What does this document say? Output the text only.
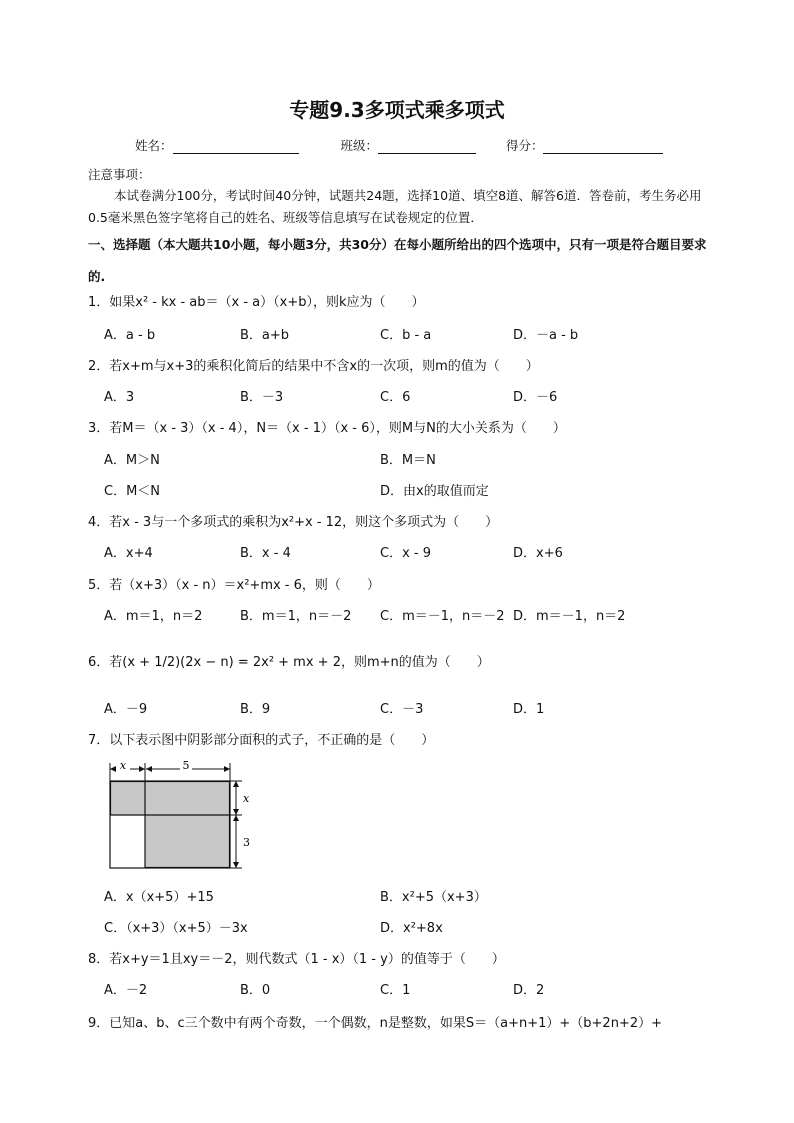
专题9.3多项式乘多项式
姓名：	班级：	得分：
注意事项：
本试卷满分100分，考试时间40分钟，试题共24题，选择10道、填空8道、解答6道．答卷前，考生务必用0.5毫米黑色签字笔将自己的姓名、班级等信息填写在试卷规定的位置．
一、选择题（本大题共10小题，每小题3分，共30分）在每小题所给出的四个选项中，只有一项是符合题目要求的.
1．如果x² - kx - ab＝（x - a）（x+b），则k应为（　　）
A．a - b	B．a+b	C．b - a	D．－a - b
2．若x+m与x+3的乘积化简后的结果中不含x的一次项，则m的值为（　　）
A．3	B．－3	C．6	D．－6
3．若M＝（x - 3）（x - 4），N＝（x - 1）（x - 6），则M与N的大小关系为（　　）
A．M＞N	B．M＝N
C．M＜N	D．由x的取值而定
4．若x - 3与一个多项式的乘积为x²+x - 12，则这个多项式为（　　）
A．x+4	B．x - 4	C．x - 9	D．x+6
5．若（x+3）（x - n）＝x²+mx - 6，则（　　）
A．m＝1，n＝2	B．m＝1，n＝－2 C．m＝－1，n＝－2 D．m＝－1，n＝2
6．若(x + 1/2)(2x − n) = 2x² + mx + 2，则m+n的值为（　　）
A．－9	B．9	C．－3	D．1
7．以下表示图中阴影部分面积的式子，不正确的是（　　）
x	5
x
3
A．x（x+5）+15	B．x²+5（x+3）
C．（x+3）（x+5）－3x	D．x²+8x
8．若x+y＝1且xy＝－2，则代数式（1 - x）（1 - y）的值等于（　　）
A．－2	B．0	C．1	D．2
9．已知a、b、c三个数中有两个奇数，一个偶数，n是整数，如果S＝（a+n+1）+（b+2n+2）+
